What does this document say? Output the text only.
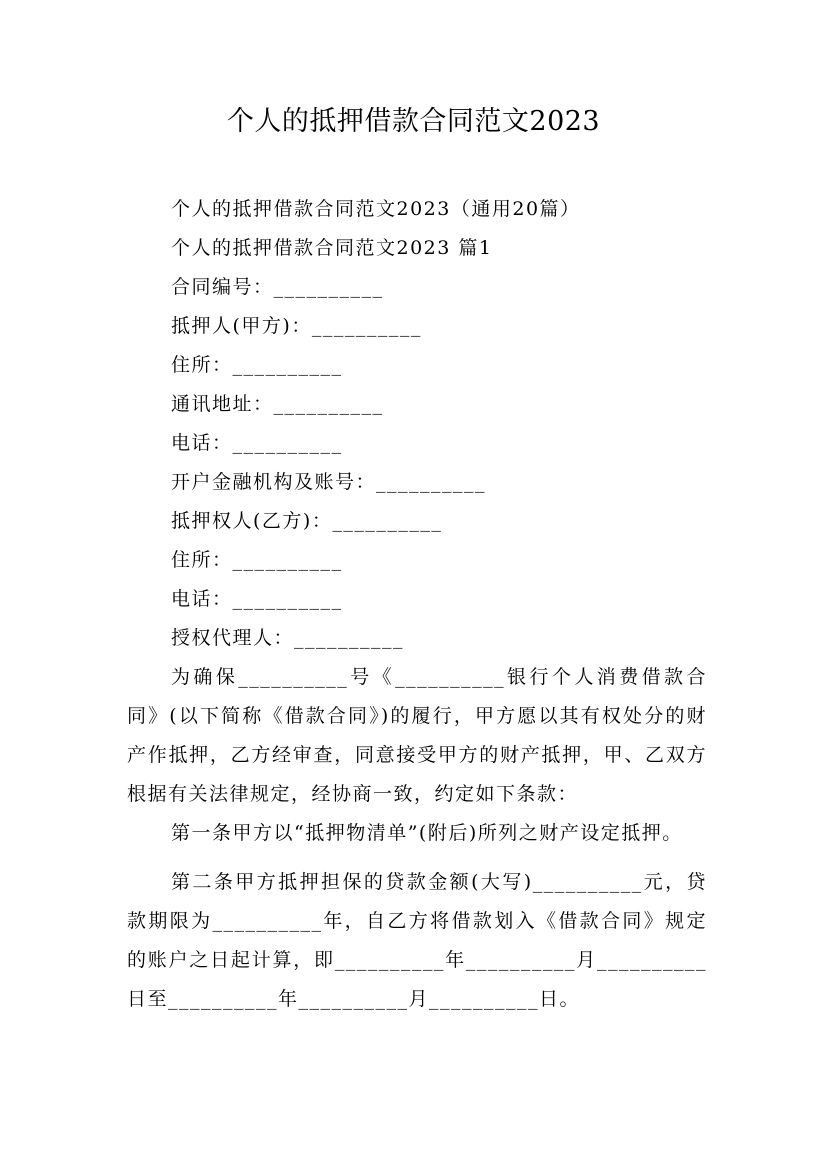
个人的抵押借款合同范文2023
个人的抵押借款合同范文2023（通用20篇）
个人的抵押借款合同范文2023 篇1
合同编号：__________
抵押人(甲方)：__________
住所：__________
通讯地址：__________
电话：__________
开户金融机构及账号：__________
抵押权人(乙方)：__________
住所：__________
电话：__________
授权代理人：__________
为确保__________号《__________银行个人消费借款合同》(以下简称《借款合同》)的履行，甲方愿以其有权处分的财产作抵押，乙方经审查，同意接受甲方的财产抵押，甲、乙双方根据有关法律规定，经协商一致，约定如下条款：
第一条甲方以“抵押物清单”(附后)所列之财产设定抵押。
第二条甲方抵押担保的贷款金额(大写)__________元，贷款期限为__________年，自乙方将借款划入《借款合同》规定的账户之日起计算，即__________年__________月__________日至__________年__________月__________日。
